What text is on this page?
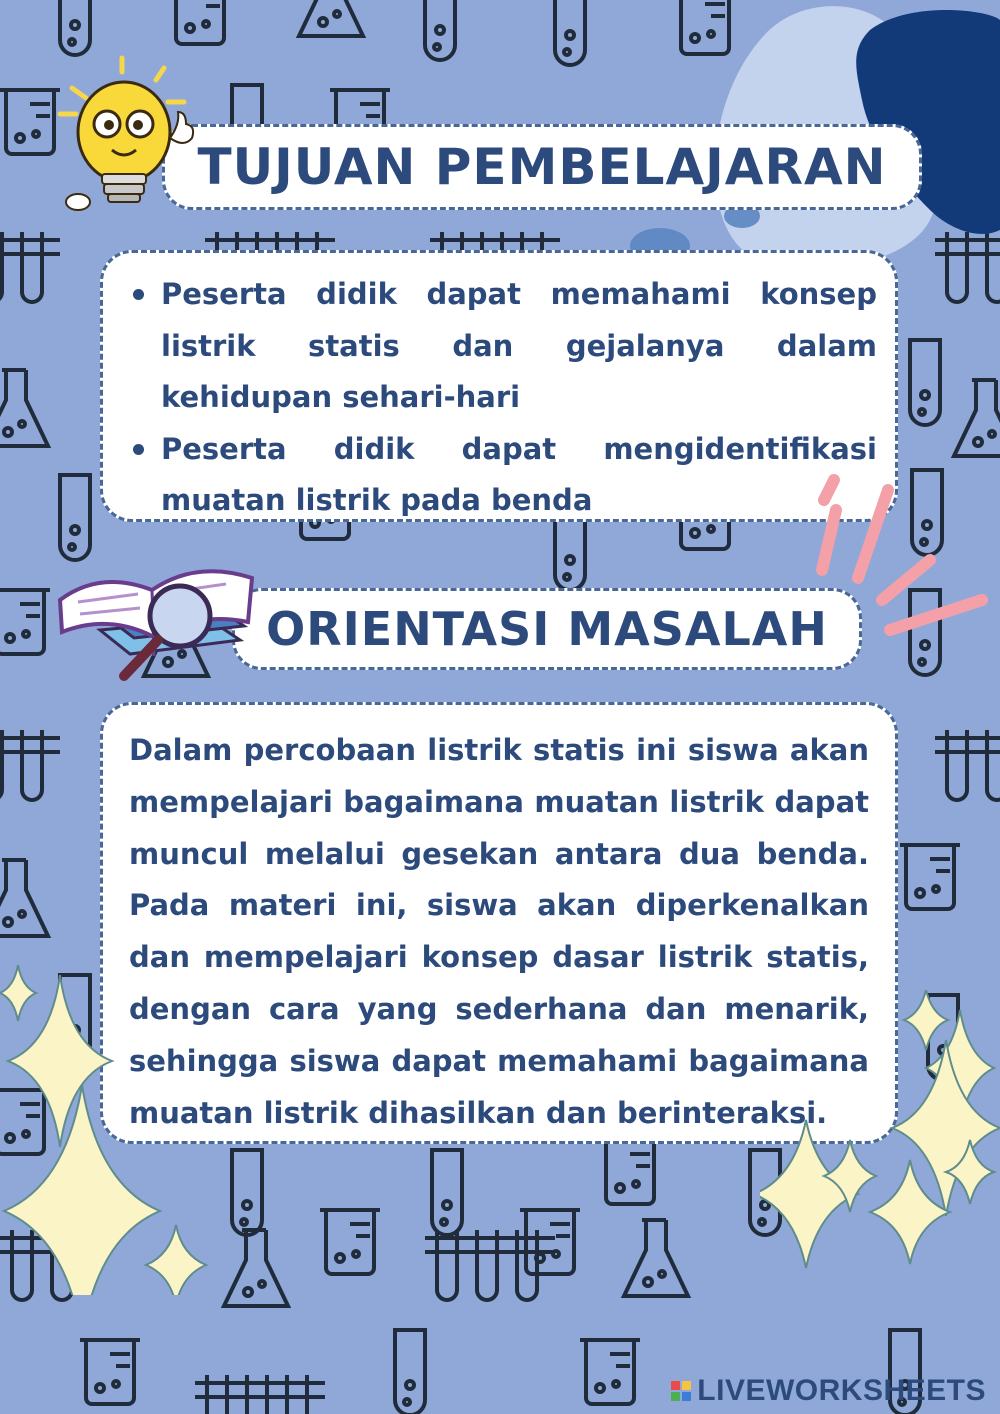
TUJUAN PEMBELAJARAN
Peserta didik dapat memahami konsep listrik statis dan gejalanya dalam kehidupan sehari-hari
Peserta didik dapat mengidentifikasi muatan listrik pada benda
ORIENTASI MASALAH

Dalam percobaan listrik statis ini siswa akan mempelajari bagaimana muatan listrik dapat muncul melalui gesekan antara dua benda. Pada materi ini, siswa akan diperkenalkan dan mempelajari konsep dasar listrik statis, dengan cara yang sederhana dan menarik, sehingga siswa dapat memahami bagaimana muatan listrik dihasilkan dan berinteraksi.

LIVEWORKSHEETS
